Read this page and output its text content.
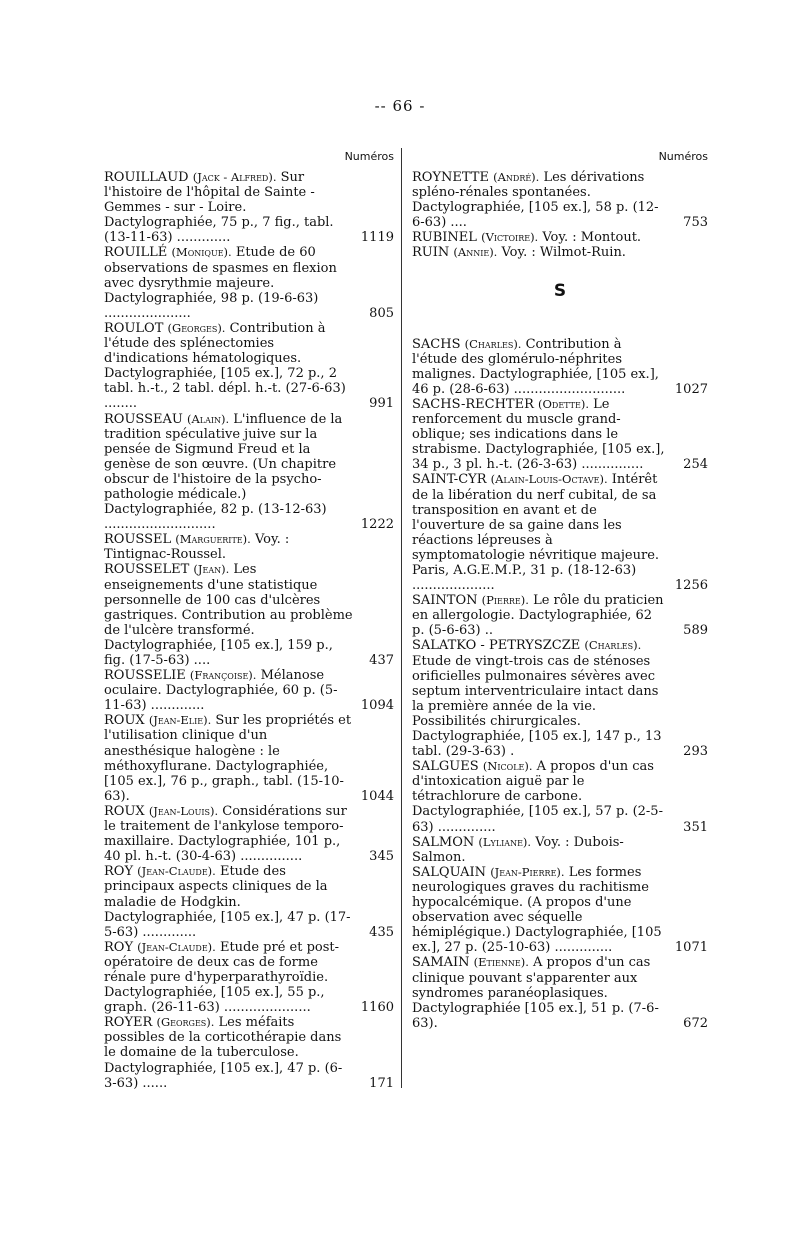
-- 66 -
Numéros
ROUILLAUD (Jack - Alfred). Sur l'histoire de l'hôpital de Sainte - Gemmes - sur - Loire. Dactylographiée, 75 p., 7 fig., tabl. (13-11-63) .............	1119
ROUILLÉ (Monique). Etude de 60 observations de spasmes en flexion avec dysrythmie majeure. Dactylographiée, 98 p. (19-6-63) .....................	805
ROULOT (Georges). Contribution à l'étude des splénectomies d'indications hématologiques. Dactylographiée, [105 ex.], 72 p., 2 tabl. h.-t., 2 tabl. dépl. h.-t. (27-6-63) ........	991
ROUSSEAU (Alain). L'influence de la tradition spéculative juive sur la pensée de Sigmund Freud et la genèse de son œuvre. (Un chapitre obscur de l'histoire de la psycho-pathologie médicale.) Dactylographiée, 82 p. (13-12-63) ...........................	1222
ROUSSEL (Marguerite). Voy. : Tintignac-Roussel.
ROUSSELET (Jean). Les enseignements d'une statistique personnelle de 100 cas d'ulcères gastriques. Contribution au problème de l'ulcère transformé. Dactylographiée, [105 ex.], 159 p., fig. (17-5-63) ....	437
ROUSSELIE (Françoise). Mélanose oculaire. Dactylographiée, 60 p. (5-11-63) .............	1094
ROUX (Jean-Elie). Sur les propriétés et l'utilisation clinique d'un anesthésique halogène : le méthoxyflurane. Dactylographiée, [105 ex.], 76 p., graph., tabl. (15-10-63).	1044
ROUX (Jean-Louis). Considérations sur le traitement de l'ankylose temporo-maxillaire. Dactylographiée, 101 p., 40 pl. h.-t. (30-4-63) ...............	345
ROY (Jean-Claude). Etude des principaux aspects cliniques de la maladie de Hodgkin. Dactylographiée, [105 ex.], 47 p. (17-5-63) .............	435
ROY (Jean-Claude). Etude pré et post-opératoire de deux cas de forme rénale pure d'hyperparathyroïdie. Dactylographiée, [105 ex.], 55 p., graph. (26-11-63) .....................	1160
ROYER (Georges). Les méfaits possibles de la corticothérapie dans le domaine de la tuberculose. Dactylographiée, [105 ex.], 47 p. (6-3-63) ......	171
Numéros
ROYNETTE (André). Les dérivations spléno-rénales spontanées. Dactylographiée, [105 ex.], 58 p. (12-6-63) ....	753
RUBINEL (Victoire). Voy. : Montout.
RUIN (Annie). Voy. : Wilmot-Ruin.
S
SACHS (Charles). Contribution à l'étude des glomérulo-néphrites malignes. Dactylographiée, [105 ex.], 46 p. (28-6-63) ...........................	1027
SACHS-RECHTER (Odette). Le renforcement du muscle grand-oblique; ses indications dans le strabisme. Dactylographiée, [105 ex.], 34 p., 3 pl. h.-t. (26-3-63) ...............	254
SAINT-CYR (Alain-Louis-Octave). Intérêt de la libération du nerf cubital, de sa transposition en avant et de l'ouverture de sa gaine dans les réactions lépreuses à symptomatologie névritique majeure. Paris, A.G.E.M.P., 31 p. (18-12-63) ....................	1256
SAINTON (Pierre). Le rôle du praticien en allergologie. Dactylographiée, 62 p. (5-6-63) ..	589
SALATKO - PETRYSZCZE (Charles). Etude de vingt-trois cas de sténoses orificielles pulmonaires sévères avec septum interventriculaire intact dans la première année de la vie. Possibilités chirurgicales. Dactylographiée, [105 ex.], 147 p., 13 tabl. (29-3-63) .	293
SALGUES (Nicole). A propos d'un cas d'intoxication aiguë par le tétrachlorure de carbone. Dactylographiée, [105 ex.], 57 p. (2-5-63) ..............	351
SALMON (Lyliane). Voy. : Dubois-Salmon.
SALQUAIN (Jean-Pierre). Les formes neurologiques graves du rachitisme hypocalcémique. (A propos d'une observation avec séquelle hémiplégique.) Dactylographiée, [105 ex.], 27 p. (25-10-63) ..............	1071
SAMAIN (Etienne). A propos d'un cas clinique pouvant s'apparenter aux syndromes paranéoplasiques. Dactylographiée [105 ex.], 51 p. (7-6-63).	672
